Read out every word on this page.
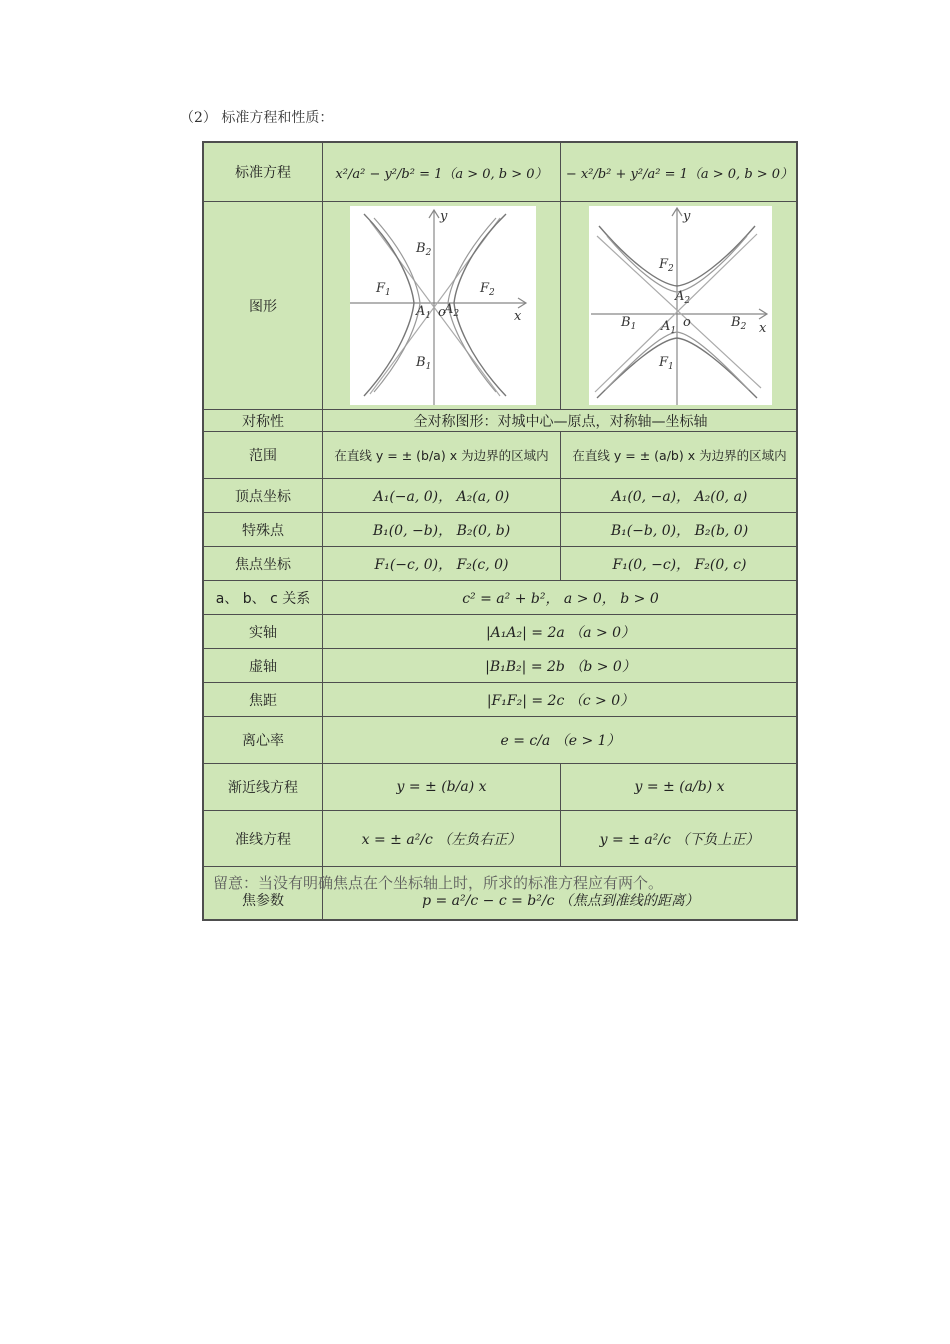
（2） 标准方程和性质：
标准方程	x²/a² − y²/b² = 1（a > 0, b > 0）	− x²/b² + y²/a² = 1（a > 0, b > 0）
图形
y
x
o
$F_1$	$F_2$
$A_1$ $A_2$
$B_2$
$B_1$
y
x
o
$F_2$
$F_1$
$A_2$
$A_1$
$B_1$	$B_2$
对称性	全对称图形：对城中心—原点，对称轴—坐标轴
范围	在直线 y = ± (b/a) x 为边界的区域内	在直线 y = ± (a/b) x 为边界的区域内
顶点坐标	A₁(−a, 0)， A₂(a, 0)	A₁(0, −a)， A₂(0, a)
特殊点	B₁(0, −b)， B₂(0, b)	B₁(−b, 0)， B₂(b, 0)
焦点坐标	F₁(−c, 0)， F₂(c, 0)	F₁(0, −c)， F₂(0, c)
a、 b、 c 关系	c² = a² + b²， a > 0， b > 0
实轴	|A₁A₂| = 2a （a > 0）
虚轴	|B₁B₂| = 2b （b > 0）
焦距	|F₁F₂| = 2c （c > 0）
离心率	e = c/a （e > 1）
渐近线方程	y = ± (b/a) x	y = ± (a/b) x
准线方程	x = ± a²/c （左负右正）	y = ± a²/c （下负上正）
焦参数	p = a²/c − c = b²/c （焦点到准线的距离）
留意：当没有明确焦点在个坐标轴上时，所求的标准方程应有两个。
